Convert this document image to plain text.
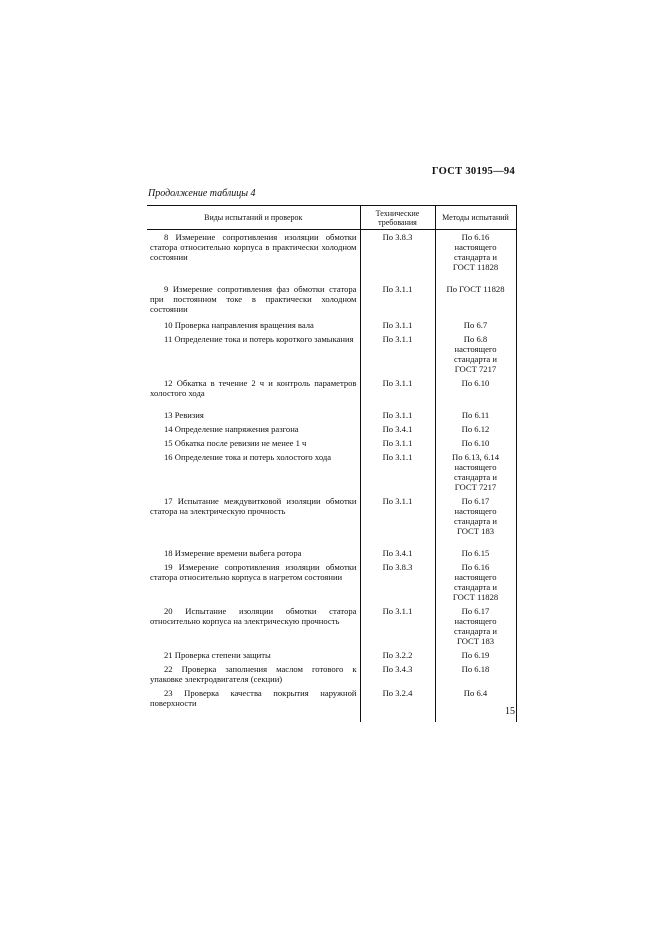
ГОСТ 30195—94
Продолжение таблицы 4
Виды испытаний и проверок	Технические
требования	Методы испытаний
8 Измерение сопротивления изоляции обмотки статора относительно корпуса в практически холодном состоянии	По 3.8.3	По 6.16
настоящего
стандарта и
ГОСТ 11828
9 Измерение сопротивления фаз обмотки статора при постоянном токе в практически холодном состоянии	По 3.1.1	По ГОСТ 11828
10 Проверка направления вращения вала	По 3.1.1	По 6.7
11 Определение тока и потерь короткого замыкания	По 3.1.1	По 6.8
настоящего
стандарта и
ГОСТ 7217
12 Обкатка в течение 2 ч и контроль параметров холостого хода	По 3.1.1	По 6.10
13 Ревизия	По 3.1.1	По 6.11
14 Определение напряжения разгона	По 3.4.1	По 6.12
15 Обкатка после ревизии не менее 1 ч	По 3.1.1	По 6.10
16 Определение тока и потерь холостого хода	По 3.1.1	По 6.13, 6.14
настоящего
стандарта и
ГОСТ 7217
17 Испытание междувитковой изоляции обмотки статора на электрическую прочность	По 3.1.1	По 6.17
настоящего
стандарта и
ГОСТ 183
18 Измерение времени выбега ротора	По 3.4.1	По 6.15
19 Измерение сопротивления изоляции обмотки статора относительно корпуса в нагретом состоянии	По 3.8.3	По 6.16
настоящего
стандарта и
ГОСТ 11828
20 Испытание изоляции обмотки статора относительно корпуса на электрическую прочность	По 3.1.1	По 6.17
настоящего
стандарта и
ГОСТ 183
21 Проверка степени защиты	По 3.2.2	По 6.19
22 Проверка заполнения маслом готового к упаковке электродвигателя (секции)	По 3.4.3	По 6.18
23 Проверка качества покрытия наружной поверхности	По 3.2.4	По 6.4

15
